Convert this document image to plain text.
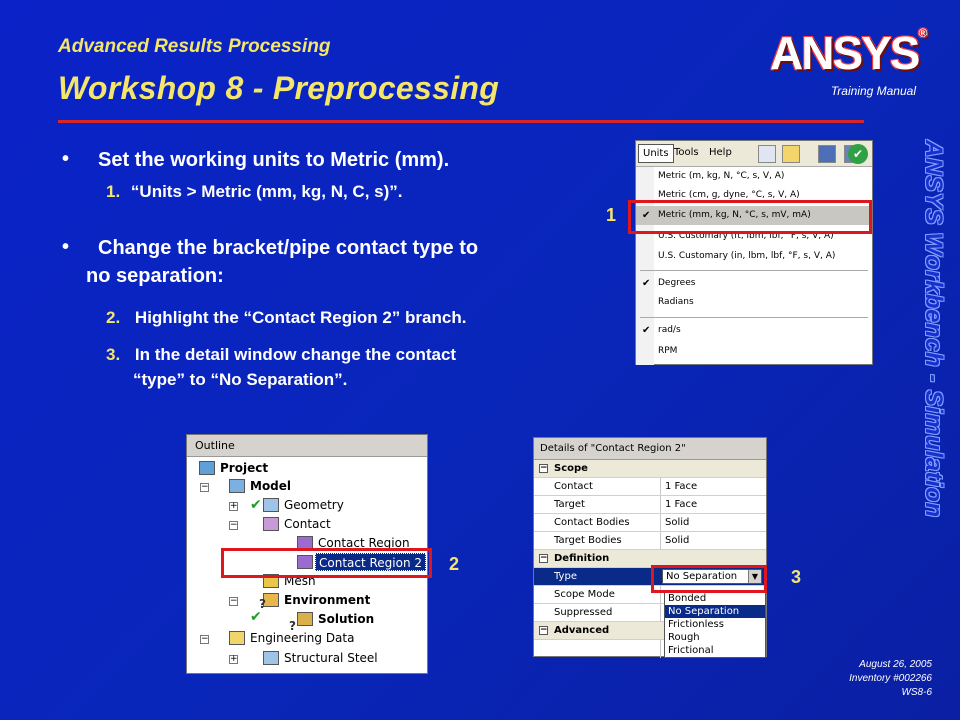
Advanced Results Processing
Workshop 8 - Preprocessing
ANSYS®
Training Manual
ANSYS Workbench - Simulation
• Set the working units to Metric (mm).
1. “Units > Metric (mm, kg, N, C, s)”.
• Change the bracket/pipe contact type to
no separation:
2. Highlight the “Contact Region 2” branch.
3. In the detail window change the contact
“type” to “No Separation”.
Units Tools Help	✔
Metric (m, kg, N, °C, s, V, A)
Metric (cm, g, dyne, °C, s, V, A)
✔ Metric (mm, kg, N, °C, s, mV, mA)
U.S. Customary (ft, lbm, lbf, °F, s, V, A)
U.S. Customary (in, lbm, lbf, °F, s, V, A)
✔ Degrees
Radians
✔ rad/s
RPM
1
Outline
Project
−	Model
+	Geometry
−	Contact
Contact Region
Contact Region 2
Mesh
−	Environment
Solution
−	Engineering Data
+	Structural Steel
✔
✔
?
?
2
Details of "Contact Region 2"
− Scope
Contact	1 Face
Target	1 Face
Contact Bodies	Solid
Target Bodies	Solid
− Definition
Type	No Separation	▼
Scope Mode
Suppressed
− Advanced
Bonded
No Separation
Frictionless
Rough
Frictional
3
August 26, 2005
Inventory #002266
WS8-6
